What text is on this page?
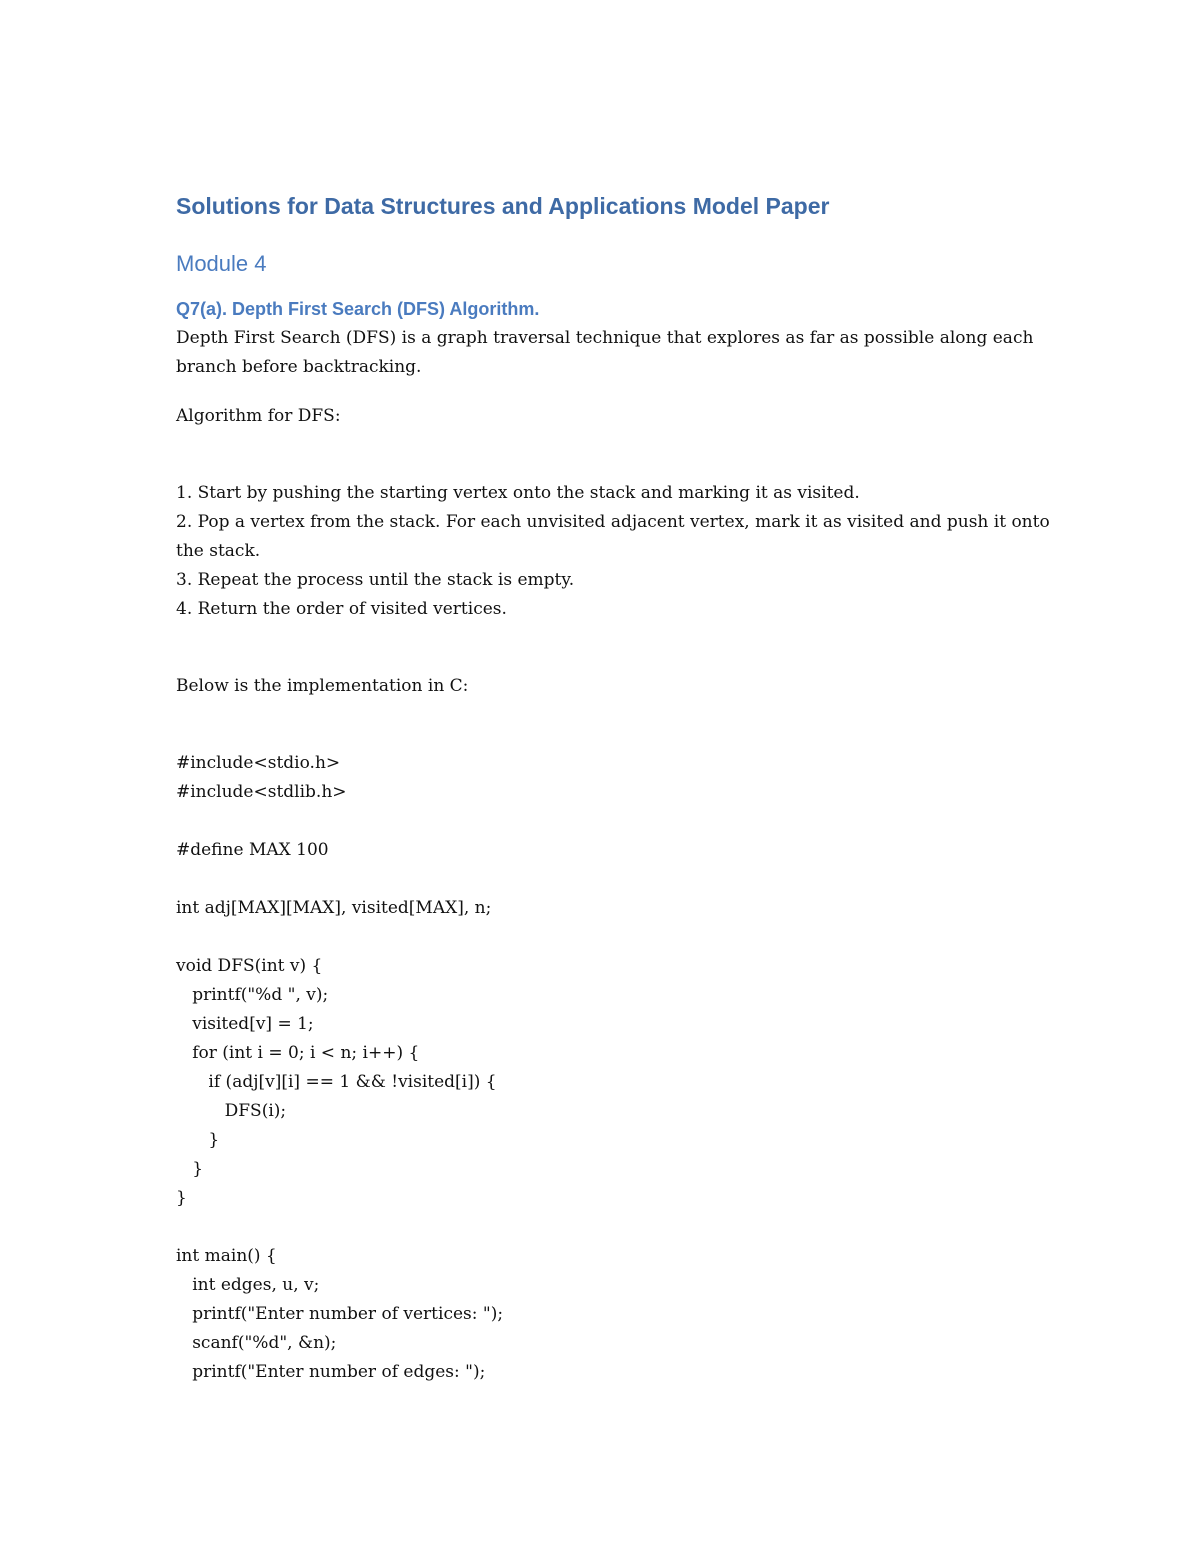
Solutions for Data Structures and Applications Model Paper
Module 4
Q7(a). Depth First Search (DFS) Algorithm.

Depth First Search (DFS) is a graph traversal technique that explores as far as possible along each branch before backtracking.

Algorithm for DFS:

1. Start by pushing the starting vertex onto the stack and marking it as visited.

2. Pop a vertex from the stack. For each unvisited adjacent vertex, mark it as visited and push it onto the stack.

3. Repeat the process until the stack is empty.

4. Return the order of visited vertices.

Below is the implementation in C:

#include<stdio.h>
#include<stdlib.h>
#define MAX 100
int adj[MAX][MAX], visited[MAX], n;
void DFS(int v) {
printf("%d ", v);
visited[v] = 1;
for (int i = 0; i < n; i++) {
if (adj[v][i] == 1 && !visited[i]) {
DFS(i);
}
}
}
int main() {
int edges, u, v;
printf("Enter number of vertices: ");
scanf("%d", &n);
printf("Enter number of edges: ");
